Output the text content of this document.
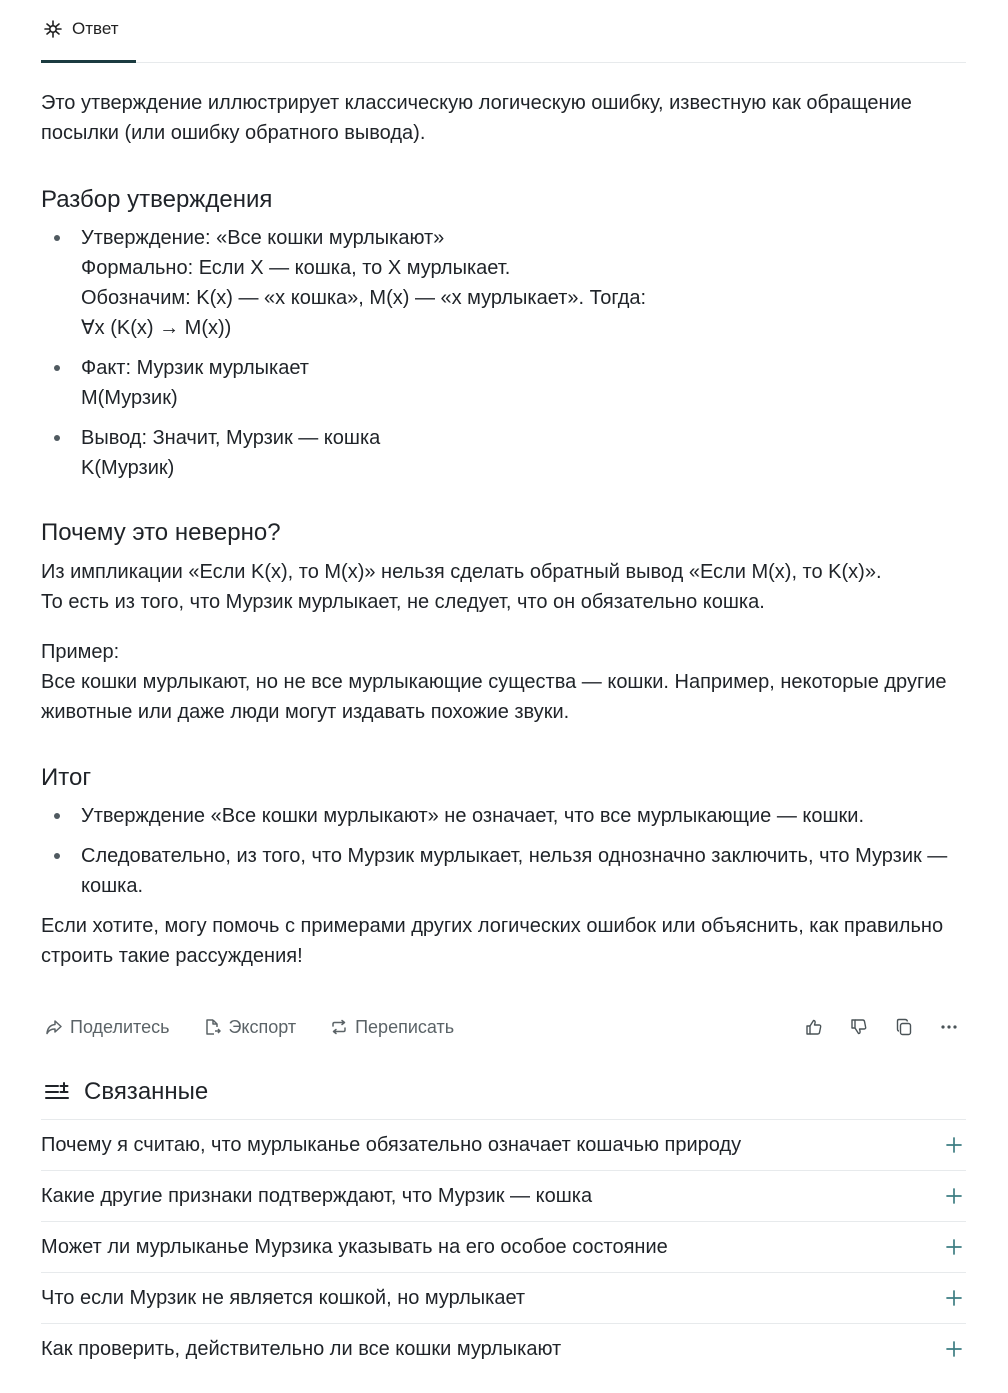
Ответ

Это утверждение иллюстрирует классическую логическую ошибку, известную как обращение посылки (или ошибку обратного вывода).

Разбор утверждения
Утверждение: «Все кошки мурлыкают»
Формально: Если X — кошка, то X мурлыкает.
Обозначим: K(x) — «x кошка», M(x) — «x мурлыкает». Тогда:
∀x (K(x) → M(x))
Факт: Мурзик мурлыкает
M(Мурзик)
Вывод: Значит, Мурзик — кошка
K(Мурзик)
Почему это неверно?

Из импликации «Если K(x), то M(x)» нельзя сделать обратный вывод «Если M(x), то K(x)».
То есть из того, что Мурзик мурлыкает, не следует, что он обязательно кошка.

Пример:
Все кошки мурлыкают, но не все мурлыкающие существа — кошки. Например, некоторые другие животные или даже люди могут издавать похожие звуки.

Итог
Утверждение «Все кошки мурлыкают» не означает, что все мурлыкающие — кошки.
Следовательно, из того, что Мурзик мурлыкает, нельзя однозначно заключить, что Мурзик — кошка.

Если хотите, могу помочь с примерами других логических ошибок или объяснить, как правильно строить такие рассуждения!

Поделитесь	Экспорт	Переписать
Связанные
Почему я считаю, что мурлыканье обязательно означает кошачью природу
Какие другие признаки подтверждают, что Мурзик — кошка
Может ли мурлыканье Мурзика указывать на его особое состояние
Что если Мурзик не является кошкой, но мурлыкает
Как проверить, действительно ли все кошки мурлыкают
